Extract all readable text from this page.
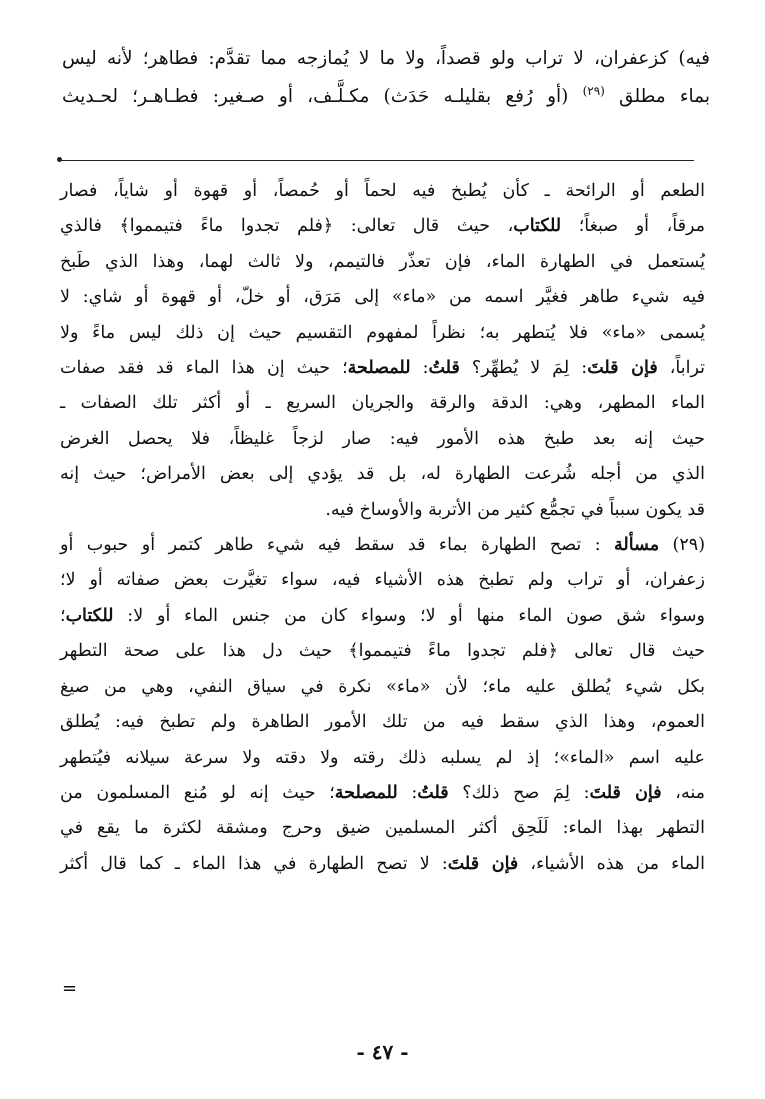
فيه) كزعفران، لا تراب ولو قصداً، ولا ما لا يُمازجه مما تقدَّم: فطاهر؛ لأنه ليس
بماء مطلق $^{(٢٩)}$ (أو رُفع بقليلـه حَدَث) مكـلَّـف، أو صـغير: فطـاهـر؛ لحـديث

الطعم أو الرائحة ـ كأن يُطبخ فيه لحماً أو حُمصاً، أو قهوة أو شاياً، فصار
مرقاً، أو صبغاً؛ للكتاب، حيث قال تعالى: ﴿فلم تجدوا ماءً فتيمموا﴾ فالذي
يُستعمل في الطهارة الماء، فإن تعذّر فالتيمم، ولا ثالث لهما، وهذا الذي طَبخ
فيه شيء طاهر فغيَّر اسمه من «ماء» إلى مَرَق، أو خلّ، أو قهوة أو شاي: لا
يُسمى «ماء» فلا يُتطهر به؛ نظراً لمفهوم التقسيم حيث إن ذلك ليس ماءً ولا
تراباً، فإن قلتَ: لِمَ لا يُطهِّر؟ قلتُ: للمصلحة؛ حيث إن هذا الماء قد فقد صفات
الماء المطهر، وهي: الدقة والرقة والجريان السريع ـ أو أكثر تلك الصفات ـ
حيث إنه بعد طبخ هذه الأمور فيه: صار لزجاً غليظاً، فلا يحصل الغرض
الذي من أجله شُرعت الطهارة له، بل قد يؤدي إلى بعض الأمراض؛ حيث إنه
قد يكون سبباً في تجمُّع كثير من الأتربة والأوساخ فيه.

(٢٩) مسألة : تصح الطهارة بماء قد سقط فيه شيء طاهر كتمر أو حبوب أو
زعفران، أو تراب ولم تطبخ هذه الأشياء فيه، سواء تغيَّرت بعض صفاته أو لا؛
وسواء شق صون الماء منها أو لا؛ وسواء كان من جنس الماء أو لا: للكتاب؛
حيث قال تعالى ﴿فلم تجدوا ماءً فتيمموا﴾ حيث دل هذا على صحة التطهر
بكل شيء يُطلق عليه ماء؛ لأن «ماء» نكرة في سياق النفي، وهي من صيغ
العموم، وهذا الذي سقط فيه من تلك الأمور الطاهرة ولم تطبخ فيه: يُطلق
عليه اسم «الماء»؛ إذ لم يسلبه ذلك رقته ولا دقته ولا سرعة سيلانه فيُتطهر
منه، فإن قلتَ: لِمَ صح ذلك؟ قلتُ: للمصلحة؛ حيث إنه لو مُنع المسلمون من
التطهر بهذا الماء: لَلَحِق أكثر المسلمين ضيق وحرج ومشقة لكثرة ما يقع في
الماء من هذه الأشياء، فإن قلتَ: لا تصح الطهارة في هذا الماء ـ كما قال أكثر

=
- ٤٧ -
